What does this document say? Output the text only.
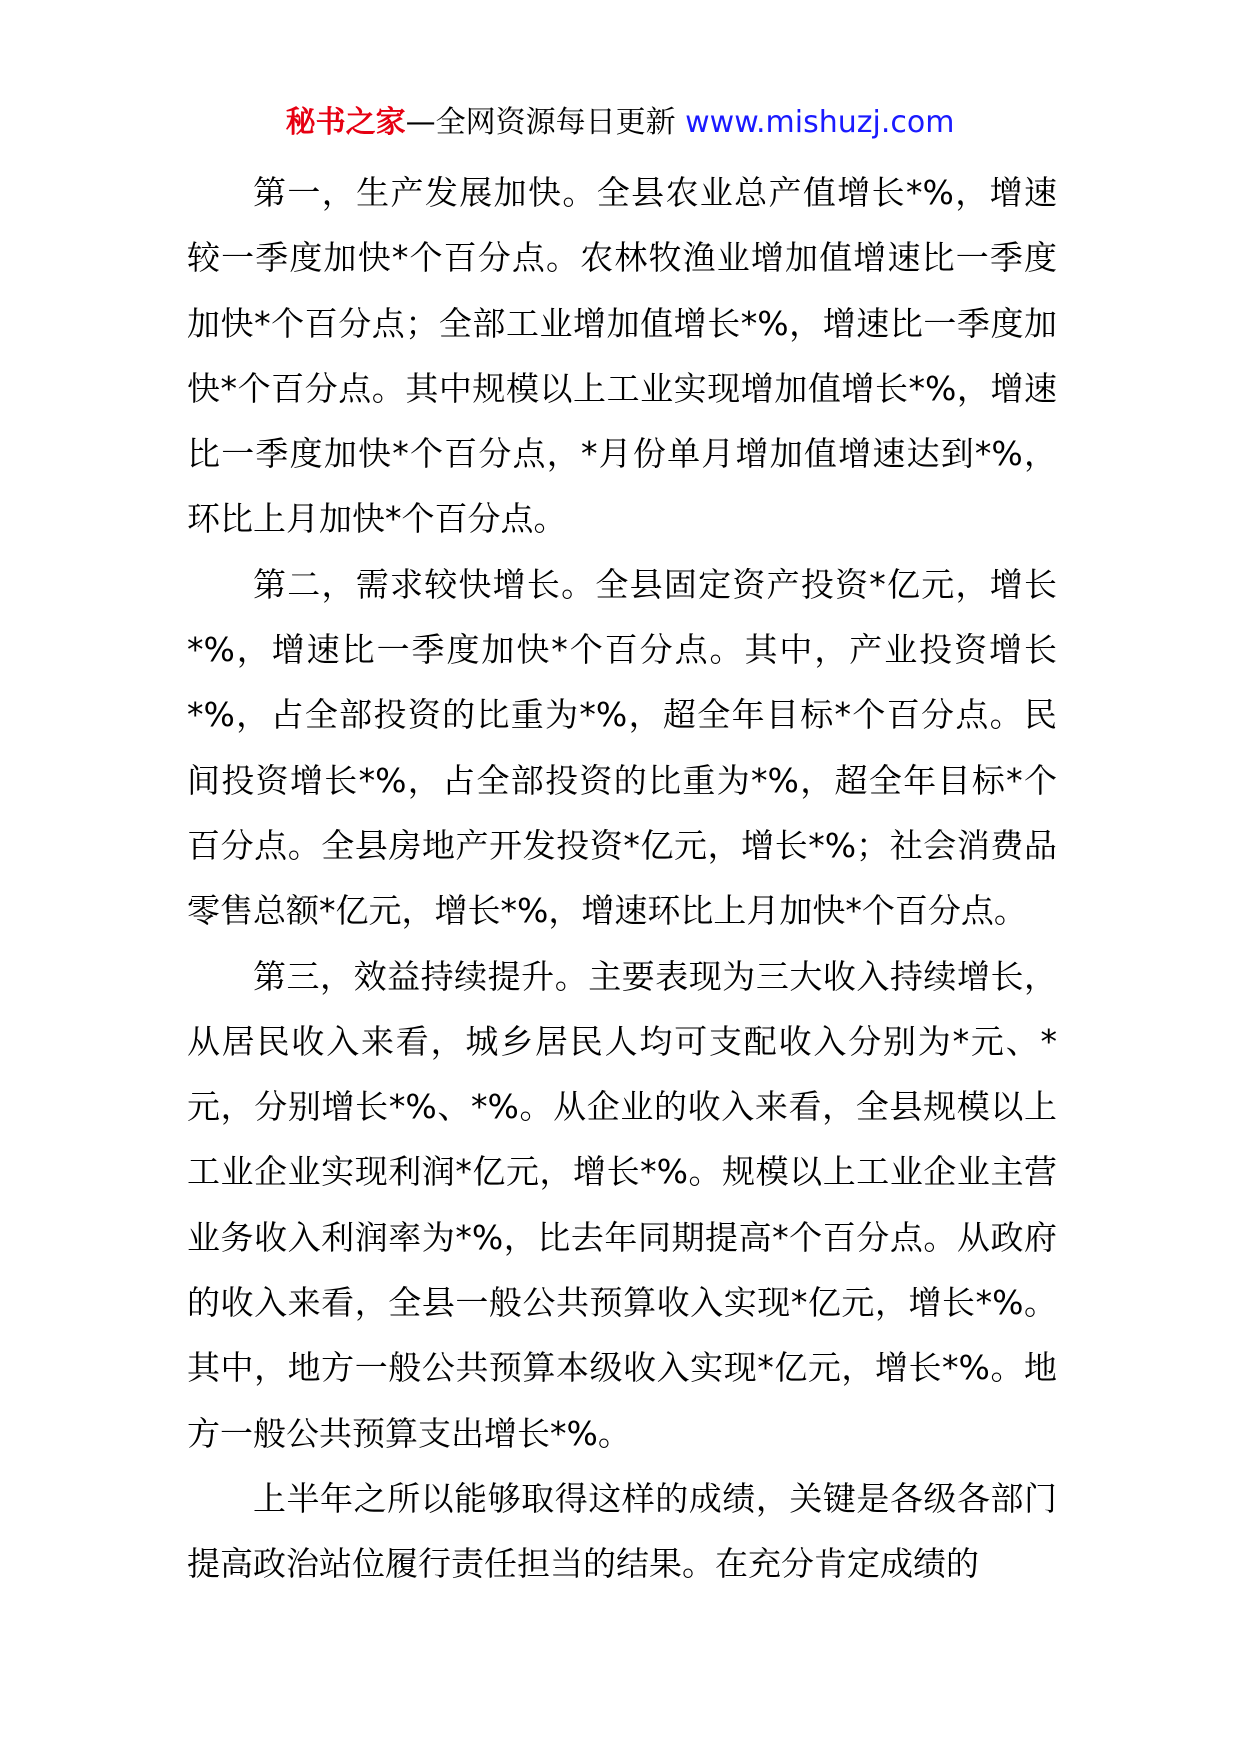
秘书之家—全网资源每日更新 www.mishuzj.com

第一，生产发展加快。全县农业总产值增长*%，增速较一季度加快*个百分点。农林牧渔业增加值增速比一季度加快*个百分点；全部工业增加值增长*%，增速比一季度加快*个百分点。其中规模以上工业实现增加值增长*%，增速比一季度加快*个百分点，*月份单月增加值增速达到*%，环比上月加快*个百分点。

第二，需求较快增长。全县固定资产投资*亿元，增长*%，增速比一季度加快*个百分点。其中，产业投资增长*%，占全部投资的比重为*%，超全年目标*个百分点。民间投资增长*%，占全部投资的比重为*%，超全年目标*个百分点。全县房地产开发投资*亿元，增长*%；社会消费品零售总额*亿元，增长*%，增速环比上月加快*个百分点。

第三，效益持续提升。主要表现为三大收入持续增长，从居民收入来看，城乡居民人均可支配收入分别为*元、*元，分别增长*%、*%。从企业的收入来看，全县规模以上工业企业实现利润*亿元，增长*%。规模以上工业企业主营业务收入利润率为*%，比去年同期提高*个百分点。从政府的收入来看，全县一般公共预算收入实现*亿元，增长*%。其中，地方一般公共预算本级收入实现*亿元，增长*%。地方一般公共预算支出增长*%。

上半年之所以能够取得这样的成绩，关键是各级各部门提高政治站位履行责任担当的结果。在充分肯定成绩的
